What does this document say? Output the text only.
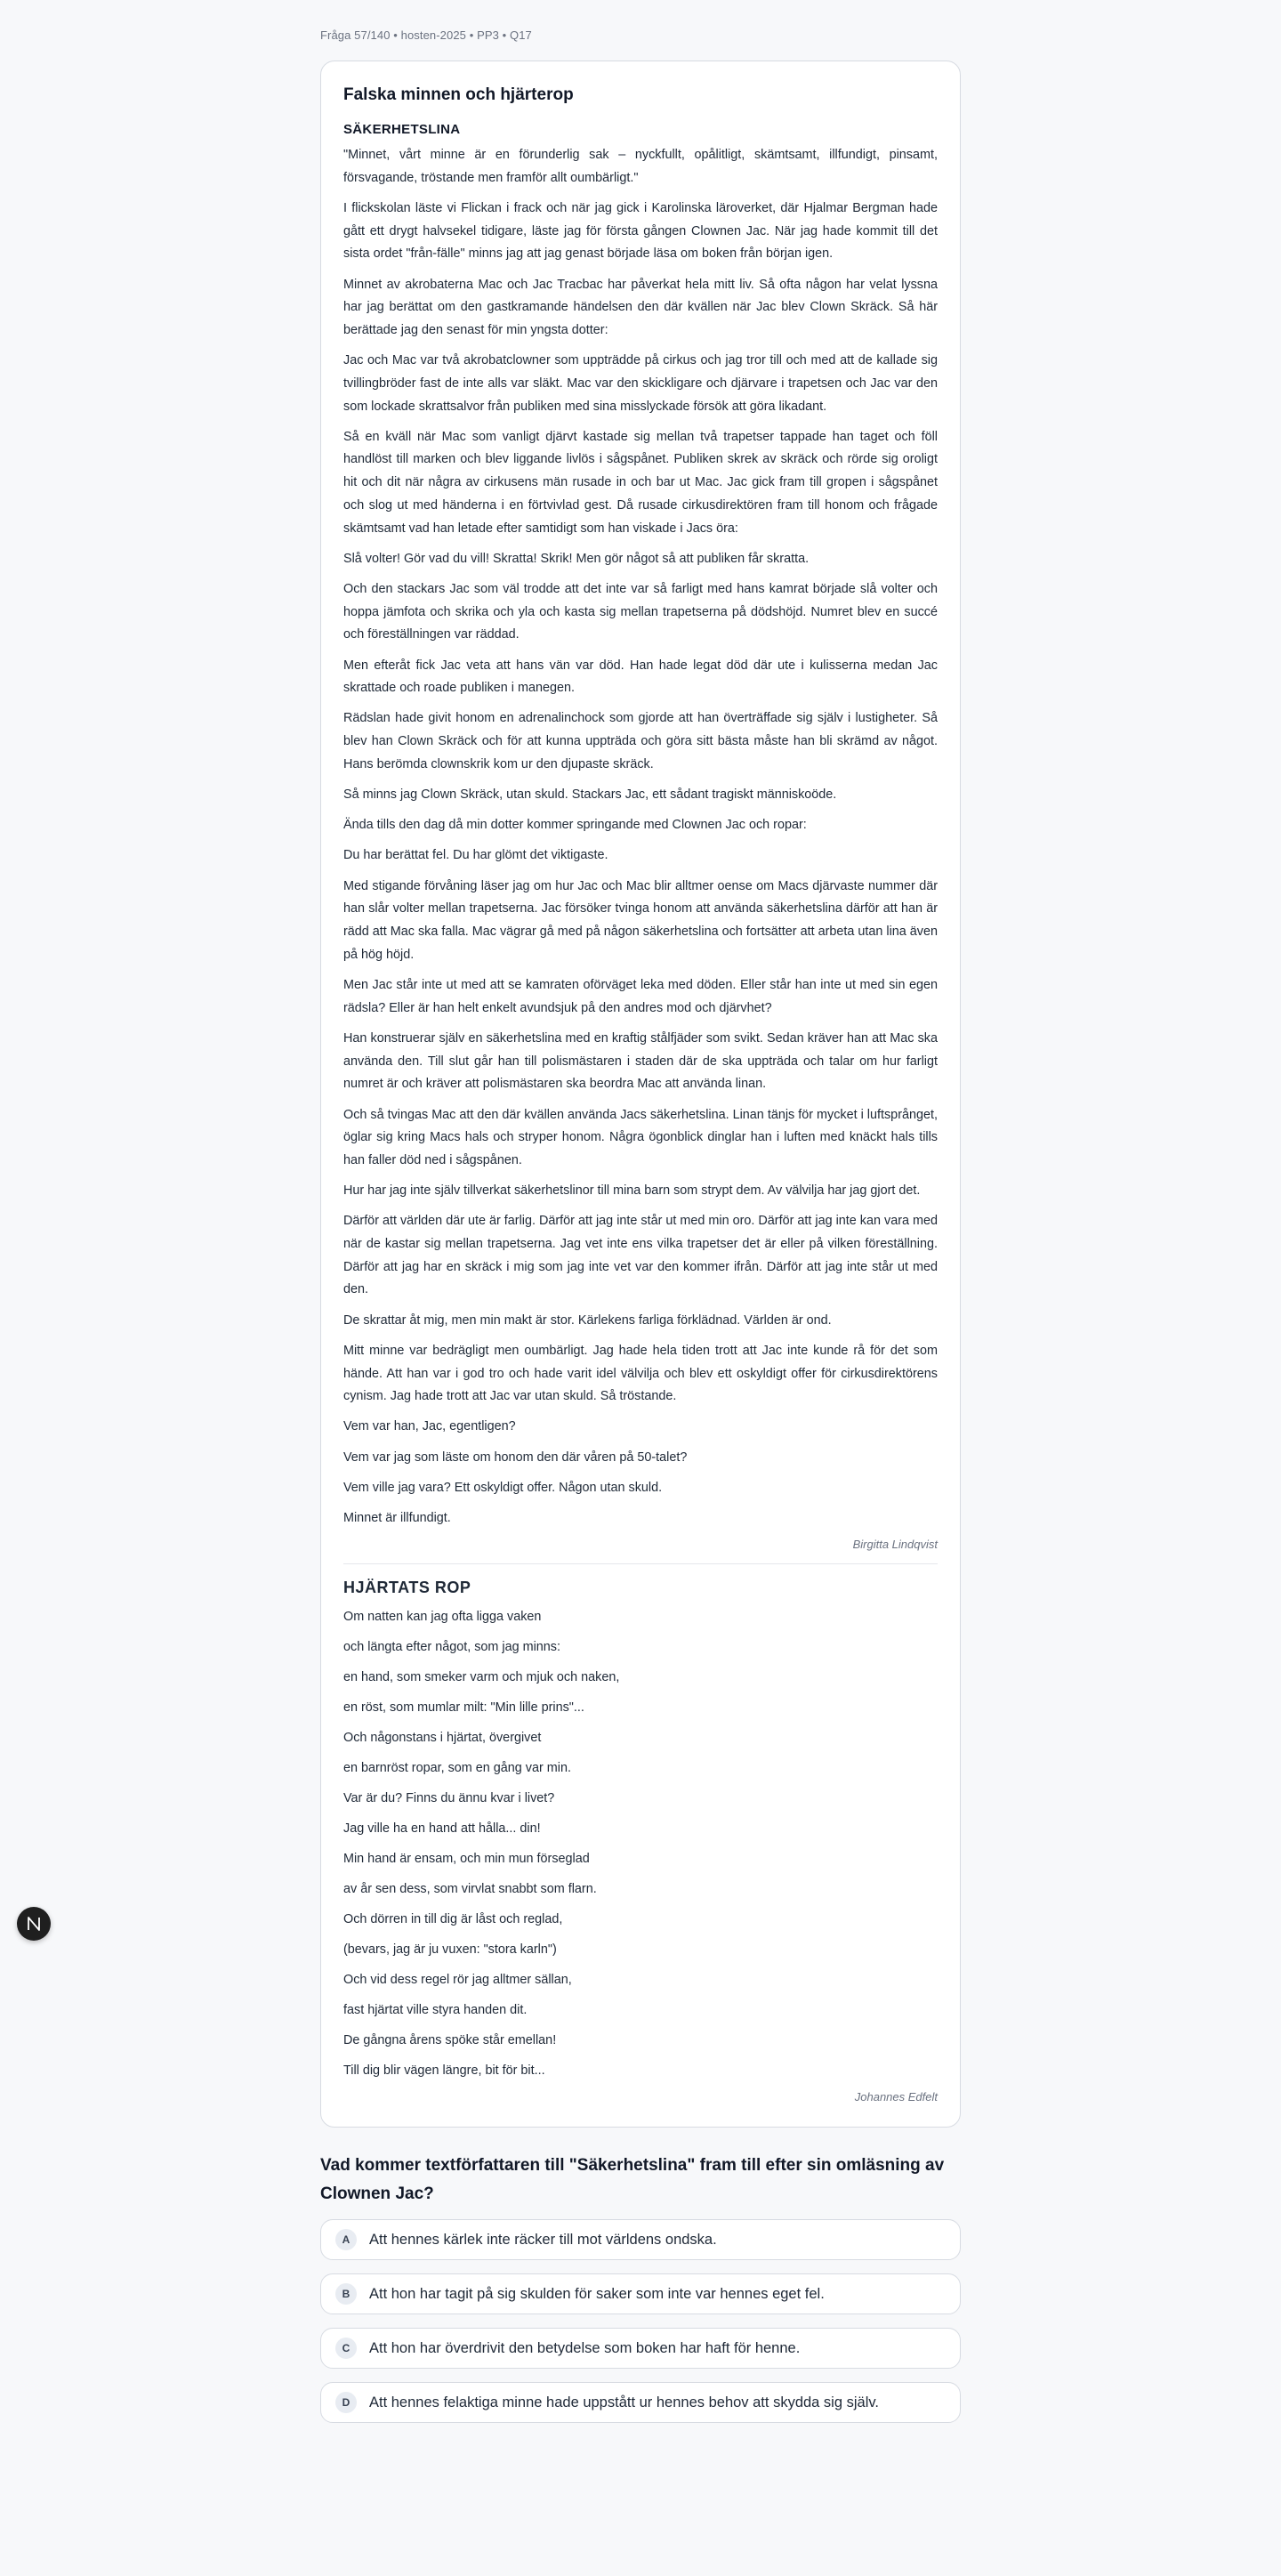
Fråga 57/140 • hosten-2025 • PP3 • Q17
Falska minnen och hjärterop
SÄKERHETSLINA

"Minnet, vårt minne är en förunderlig sak – nyckfullt, opålitligt, skämtsamt, illfundigt, pinsamt, försvagande, tröstande men framför allt oumbärligt."

I flickskolan läste vi Flickan i frack och när jag gick i Karolinska läroverket, där Hjalmar Bergman hade gått ett drygt halvsekel tidigare, läste jag för första gången Clownen Jac. När jag hade kommit till det sista ordet "från-fälle" minns jag att jag genast började läsa om boken från början igen.

Minnet av akrobaterna Mac och Jac Tracbac har påverkat hela mitt liv. Så ofta någon har velat lyssna har jag berättat om den gastkramande händelsen den där kvällen när Jac blev Clown Skräck. Så här berättade jag den senast för min yngsta dotter:

Jac och Mac var två akrobatclowner som uppträdde på cirkus och jag tror till och med att de kallade sig tvillingbröder fast de inte alls var släkt. Mac var den skickligare och djärvare i trapetsen och Jac var den som lockade skrattsalvor från publiken med sina misslyckade försök att göra likadant.

Så en kväll när Mac som vanligt djärvt kastade sig mellan två trapetser tappade han taget och föll handlöst till marken och blev liggande livlös i sågspånet. Publiken skrek av skräck och rörde sig oroligt hit och dit när några av cirkusens män rusade in och bar ut Mac. Jac gick fram till gropen i sågspånet och slog ut med händerna i en förtvivlad gest. Då rusade cirkusdirektören fram till honom och frågade skämtsamt vad han letade efter samtidigt som han viskade i Jacs öra:

Slå volter! Gör vad du vill! Skratta! Skrik! Men gör något så att publiken får skratta.

Och den stackars Jac som väl trodde att det inte var så farligt med hans kamrat började slå volter och hoppa jämfota och skrika och yla och kasta sig mellan trapetserna på dödshöjd. Numret blev en succé och föreställningen var räddad.

Men efteråt fick Jac veta att hans vän var död. Han hade legat död där ute i kulisserna medan Jac skrattade och roade publiken i manegen.

Rädslan hade givit honom en adrenalinchock som gjorde att han överträffade sig själv i lustigheter. Så blev han Clown Skräck och för att kunna uppträda och göra sitt bästa måste han bli skrämd av något. Hans berömda clownskrik kom ur den djupaste skräck.

Så minns jag Clown Skräck, utan skuld. Stackars Jac, ett sådant tragiskt människoöde.

Ända tills den dag då min dotter kommer springande med Clownen Jac och ropar:

Du har berättat fel. Du har glömt det viktigaste.

Med stigande förvåning läser jag om hur Jac och Mac blir alltmer oense om Macs djärvaste nummer där han slår volter mellan trapetserna. Jac försöker tvinga honom att använda säkerhetslina därför att han är rädd att Mac ska falla. Mac vägrar gå med på någon säkerhetslina och fortsätter att arbeta utan lina även på hög höjd.

Men Jac står inte ut med att se kamraten oförväget leka med döden. Eller står han inte ut med sin egen rädsla? Eller är han helt enkelt avundsjuk på den andres mod och djärvhet?

Han konstruerar själv en säkerhetslina med en kraftig stålfjäder som svikt. Sedan kräver han att Mac ska använda den. Till slut går han till polismästaren i staden där de ska uppträda och talar om hur farligt numret är och kräver att polismästaren ska beordra Mac att använda linan.

Och så tvingas Mac att den där kvällen använda Jacs säkerhetslina. Linan tänjs för mycket i luftsprånget, öglar sig kring Macs hals och stryper honom. Några ögonblick dinglar han i luften med knäckt hals tills han faller död ned i sågspånen.

Hur har jag inte själv tillverkat säkerhetslinor till mina barn som strypt dem. Av välvilja har jag gjort det.

Därför att världen där ute är farlig. Därför att jag inte står ut med min oro. Därför att jag inte kan vara med när de kastar sig mellan trapetserna. Jag vet inte ens vilka trapetser det är eller på vilken föreställning. Därför att jag har en skräck i mig som jag inte vet var den kommer ifrån. Därför att jag inte står ut med den.

De skrattar åt mig, men min makt är stor. Kärlekens farliga förklädnad. Världen är ond.

Mitt minne var bedrägligt men oumbärligt. Jag hade hela tiden trott att Jac inte kunde rå för det som hände. Att han var i god tro och hade varit idel välvilja och blev ett oskyldigt offer för cirkusdirektörens cynism. Jag hade trott att Jac var utan skuld. Så tröstande.

Vem var han, Jac, egentligen?

Vem var jag som läste om honom den där våren på 50-talet?

Vem ville jag vara? Ett oskyldigt offer. Någon utan skuld.

Minnet är illfundigt.

Birgitta Lindqvist
HJÄRTATS ROP
Om natten kan jag ofta ligga vaken
och längta efter något, som jag minns:
en hand, som smeker varm och mjuk och naken,
en röst, som mumlar milt: "Min lille prins"...
Och någonstans i hjärtat, övergivet
en barnröst ropar, som en gång var min.
Var är du? Finns du ännu kvar i livet?
Jag ville ha en hand att hålla... din!
Min hand är ensam, och min mun förseglad
av år sen dess, som virvlat snabbt som flarn.
Och dörren in till dig är låst och reglad,
(bevars, jag är ju vuxen: "stora karln")
Och vid dess regel rör jag alltmer sällan,
fast hjärtat ville styra handen dit.
De gångna årens spöke står emellan!
Till dig blir vägen längre, bit för bit...
Johannes Edfelt
Vad kommer textförfattaren till "Säkerhetslina" fram till efter sin omläsning av Clownen Jac?
A	Att hennes kärlek inte räcker till mot världens ondska.
B	Att hon har tagit på sig skulden för saker som inte var hennes eget fel.
C	Att hon har överdrivit den betydelse som boken har haft för henne.
D	Att hennes felaktiga minne hade uppstått ur hennes behov att skydda sig själv.
